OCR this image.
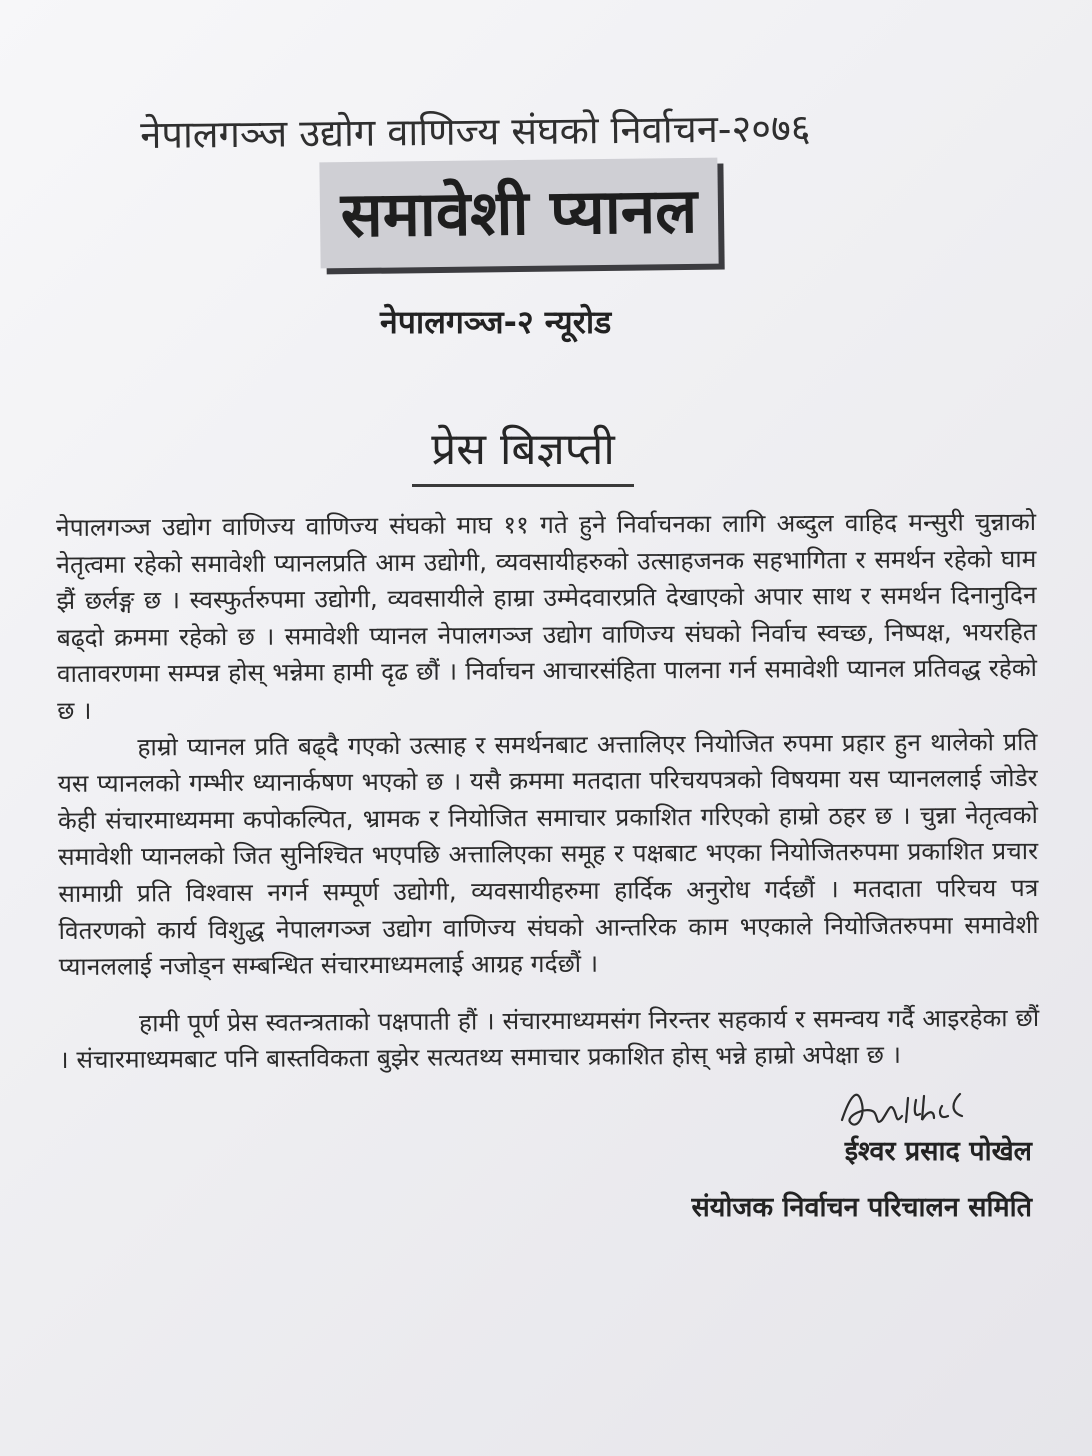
नेपालगञ्ज उद्योग वाणिज्य संघको निर्वाचन-२०७६
समावेशी प्यानल
नेपालगञ्ज-२ न्यूरोड
प्रेस बिज्ञप्ती

नेपालगञ्ज उद्योग वाणिज्य वाणिज्य संघको माघ ११ गते हुने निर्वाचनका लागि अब्दुल वाहिद मन्सुरी चुन्नाको नेतृत्वमा रहेको समावेशी प्यानलप्रति आम उद्योगी, व्यवसायीहरुको उत्साहजनक सहभागिता र समर्थन रहेको घाम झैं छर्लङ्ग छ । स्वस्फुर्तरुपमा उद्योगी, व्यवसायीले हाम्रा उम्मेदवारप्रति देखाएको अपार साथ र समर्थन दिनानुदिन बढ्दो क्रममा रहेको छ । समावेशी प्यानल नेपालगञ्ज उद्योग वाणिज्य संघको निर्वाच स्वच्छ, निष्पक्ष, भयरहित वातावरणमा सम्पन्न होस् भन्नेमा हामी दृढ छौं । निर्वाचन आचारसंहिता पालना गर्न समावेशी प्यानल प्रतिवद्ध रहेको छ ।

हाम्रो प्यानल प्रति बढ्दै गएको उत्साह र समर्थनबाट अत्तालिएर नियोजित रुपमा प्रहार हुन थालेको प्रति यस प्यानलको गम्भीर ध्यानार्कषण भएको छ । यसै क्रममा मतदाता परिचयपत्रको विषयमा यस प्यानललाई जोडेर केही संचारमाध्यममा कपोकल्पित, भ्रामक र नियोजित समाचार प्रकाशित गरिएको हाम्रो ठहर छ । चुन्ना नेतृत्वको समावेशी प्यानलको जित सुनिश्चित भएपछि अत्तालिएका समूह र पक्षबाट भएका नियोजितरुपमा प्रकाशित प्रचार सामाग्री प्रति विश्वास नगर्न सम्पूर्ण उद्योगी, व्यवसायीहरुमा हार्दिक अनुरोध गर्दछौं । मतदाता परिचय पत्र वितरणको कार्य विशुद्ध नेपालगञ्ज उद्योग वाणिज्य संघको आन्तरिक काम भएकाले नियोजितरुपमा समावेशी प्यानललाई नजोड्न सम्बन्धित संचारमाध्यमलाई आग्रह गर्दछौं ।

हामी पूर्ण प्रेस स्वतन्त्रताको पक्षपाती हौं । संचारमाध्यमसंग निरन्तर सहकार्य र समन्वय गर्दै आइरहेका छौं । संचारमाध्यमबाट पनि बास्तविकता बुझेर सत्यतथ्य समाचार प्रकाशित होस् भन्ने हाम्रो अपेक्षा छ ।

ईश्वर प्रसाद पोखेल
संयोजक निर्वाचन परिचालन समिति
